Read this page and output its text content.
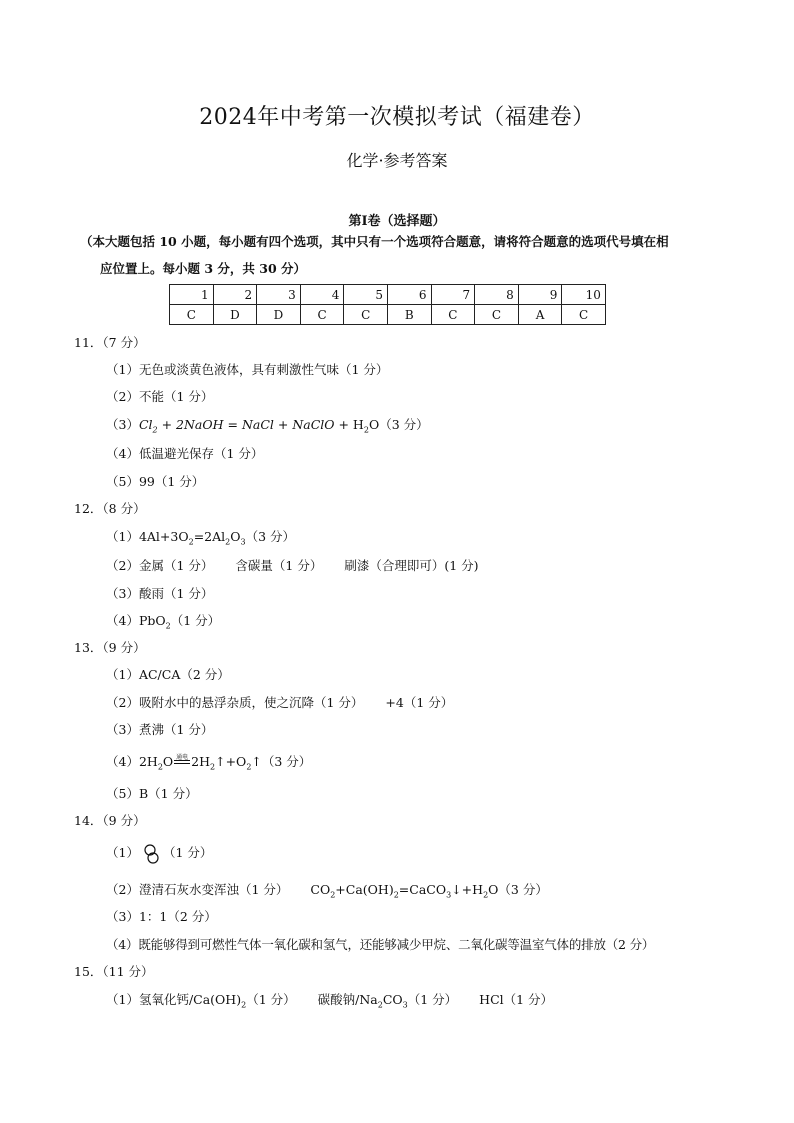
2024年中考第一次模拟考试（福建卷）
化学·参考答案
第Ⅰ卷（选择题）
（本大题包括 10 小题，每小题有四个选项，其中只有一个选项符合题意，请将符合题意的选项代号填在相
应位置上。每小题 3 分，共 30 分）
1	2	3	4	5	6	7	8	9	10
C	D	D	C	C	B	C	C	A	C
11．（7 分）
（1）无色或淡黄色液体，具有刺激性气味（1 分）
（2）不能（1 分）
$(3)Cl_2$ + 2NaOH = NaCl + NaClO + $H_2O(3$ 分）
（4）低温避光保存（1 分）
（5）99（1 分）
12．（8 分）
$(1)4Al+3O_2=2Al_2O_3(3$ 分）
（2）金属（1 分） 含碳量（1 分） 刷漆（合理即可）(1 分)
（3）酸雨（1 分）
（4）PbO$_2$（1 分）
13．（9 分）
（1）AC/CA（2 分）
（2）吸附水中的悬浮杂质，使之沉降（1 分） +4（1 分）
（3）煮沸（1 分）
$(4)2H_2O$ $^{通电}$ $2H_2↑+O_2↑(3$ 分）
（5）B（1 分）
14．（9 分）
（1） （1 分）
（2）澄清石灰水变浑浊（1 分） $CO_2+Ca(OH)_2=CaCO_3↓+H_2O(3$ 分）
（3）1：1（2 分）
（4）既能够得到可燃性气体一氧化碳和氢气，还能够减少甲烷、二氧化碳等温室气体的排放（2 分）
15．（11 分）
（1）氢氧化钙$/Ca(OH)_2(1$ 分） 碳酸钠$/Na_2CO_3(1$ 分） HCl（1 分）
